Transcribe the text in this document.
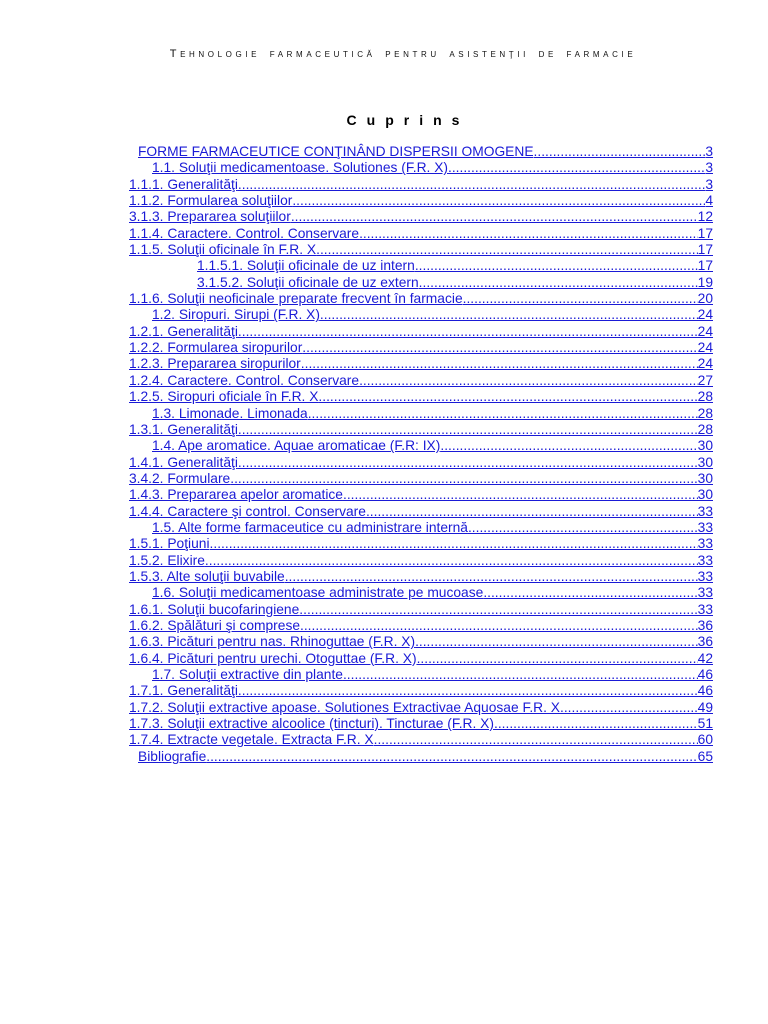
Tehnologie farmaceutică pentru asistenţii de farmacie
Cuprins
FORME FARMACEUTICE CONŢINÂND DISPERSII OMOGENE .....	3
1.1. Soluţii medicamentoase. Solutiones (F.R. X) .....	3
1.1.1. Generalităţi .....	3
1.1.2. Formularea soluţiilor .....	4
3.1.3. Prepararea soluţiilor .....	12
1.1.4. Caractere. Control. Conservare .....	17
1.1.5. Soluţii oficinale în F.R. X .....	17
1.1.5.1. Soluţii oficinale de uz intern .....	17
3.1.5.2. Soluţii oficinale de uz extern .....	19
1.1.6. Soluţii neoficinale preparate frecvent în farmacie .....	20
1.2. Siropuri. Sirupi (F.R. X) .....	24
1.2.1. Generalităţi .....	24
1.2.2. Formularea siropurilor .....	24
1.2.3. Prepararea siropurilor .....	24
1.2.4. Caractere. Control. Conservare .....	27
1.2.5. Siropuri oficiale în F.R. X .....	28
1.3. Limonade. Limonada .....	28
1.3.1. Generalităţi .....	28
1.4. Ape aromatice. Aquae aromaticae (F.R: IX) .....	30
1.4.1. Generalităţi .....	30
3.4.2. Formulare .....	30
1.4.3. Prepararea apelor aromatice .....	30
1.4.4. Caractere şi control. Conservare .....	33
1.5. Alte forme farmaceutice cu administrare internă .....	33
1.5.1. Poţiuni .....	33
1.5.2. Elixire .....	33
1.5.3. Alte soluţii buvabile .....	33
1.6. Soluţii medicamentoase administrate pe mucoase .....	33
1.6.1. Soluţii bucofaringiene .....	33
1.6.2. Spălături şi comprese .....	36
1.6.3. Picături pentru nas. Rhinoguttae (F.R. X) .....	36
1.6.4. Picături pentru urechi. Otoguttae (F.R. X) .....	42
1.7. Soluţii extractive din plante .....	46
1.7.1. Generalităţi .....	46
1.7.2. Soluţii extractive apoase. Solutiones Extractivae Aquosae F.R. X .....	49
1.7.3. Soluţii extractive alcoolice (tincturi). Tincturae (F.R. X) .....	51
1.7.4. Extracte vegetale. Extracta F.R. X .....	60
Bibliografie .....	65
